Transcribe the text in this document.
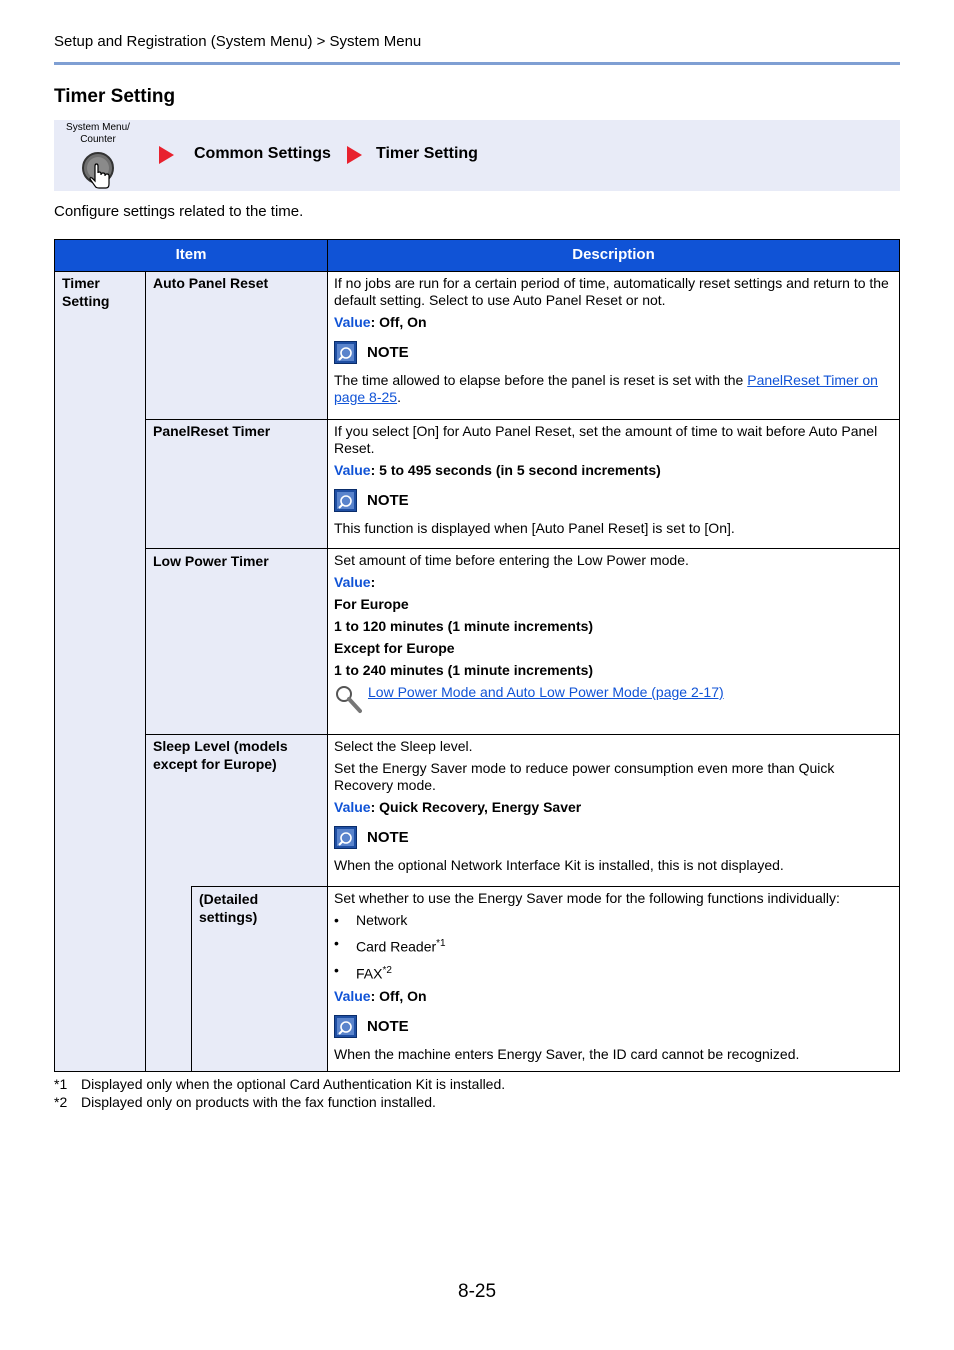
Setup and Registration (System Menu) > System Menu
Timer Setting
System Menu/
Counter
Common Settings	Timer Setting
Configure settings related to the time.
Item	Description
Timer
Setting
Auto Panel Reset
PanelReset Timer
Low Power Timer
Sleep Level (models
except for Europe)
(Detailed
settings)

If no jobs are run for a certain period of time, automatically reset settings and return to the default setting. Select to use Auto Panel Reset or not.

Value: Off, On

NOTE

The time allowed to elapse before the panel is reset is set with the PanelReset Timer on page 8-25.

If you select [On] for Auto Panel Reset, set the amount of time to wait before Auto Panel Reset.

Value: 5 to 495 seconds (in 5 second increments)

NOTE

This function is displayed when [Auto Panel Reset] is set to [On].

Set amount of time before entering the Low Power mode.

Value:

For Europe

1 to 120 minutes (1 minute increments)

Except for Europe

1 to 240 minutes (1 minute increments)

Low Power Mode and Auto Low Power Mode (page 2-17)

Select the Sleep level.

Set the Energy Saver mode to reduce power consumption even more than Quick Recovery mode.

Value: Quick Recovery, Energy Saver

NOTE

When the optional Network Interface Kit is installed, this is not displayed.

Set whether to use the Energy Saver mode for the following functions individually:

• Network
• Card Reader$^{*1}$
• FAX$^{*2}$

Value: Off, On

NOTE

When the machine enters Energy Saver, the ID card cannot be recognized.

*1 Displayed only when the optional Card Authentication Kit is installed.
*2 Displayed only on products with the fax function installed.
8-25
